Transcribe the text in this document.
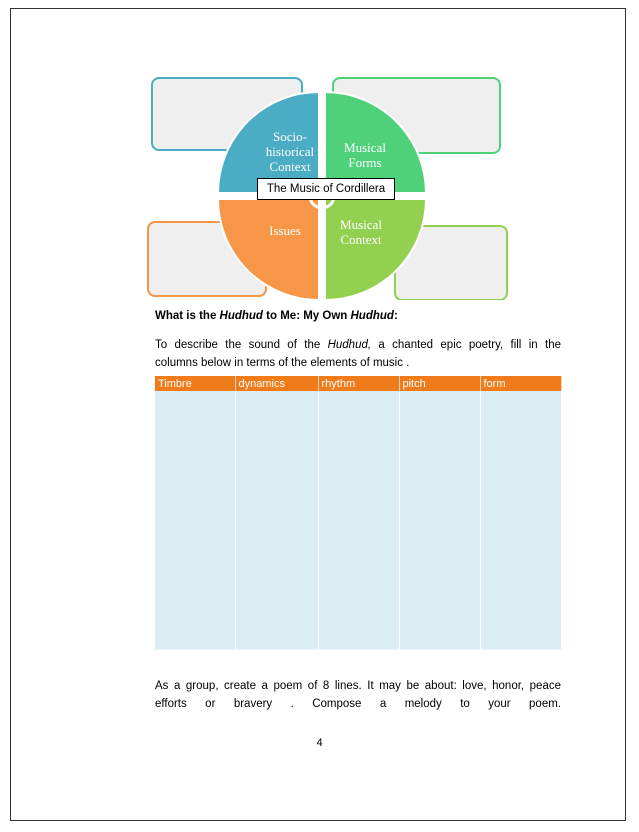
Socio-
historical
Context
Musical
Forms
Issues	Musical
Context
The Music of Cordillera
What is the Hudhud to Me: My Own Hudhud:
To describe the sound of the Hudhud, a chanted epic poetry, fill in the
columns below in terms of the elements of music .
Timbre	dynamics	rhythm	pitch	form

As a group, create a poem of 8 lines. It may be about: love, honor, peace
efforts or bravery . Compose a melody to your poem.
4
